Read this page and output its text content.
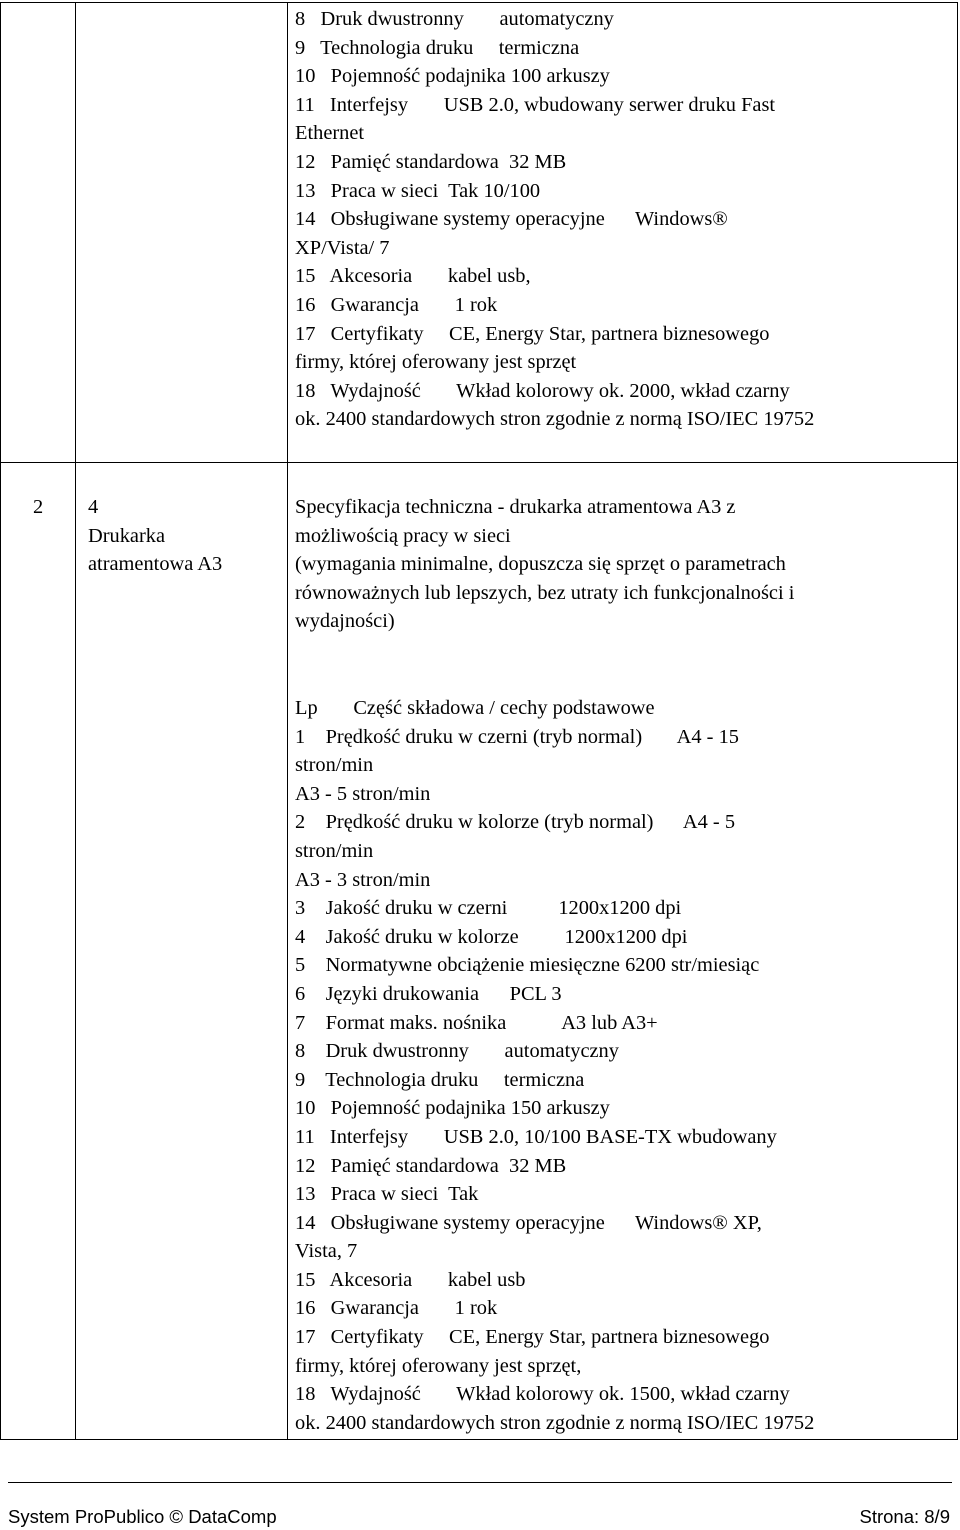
8   Druk dwustronny       automatyczny
9   Technologia druku     termiczna
10   Pojemność podajnika 100 arkuszy
11   Interfejsy       USB 2.0, wbudowany serwer druku Fast
Ethernet
12   Pamięć standardowa  32 MB
13   Praca w sieci  Tak 10/100
14   Obsługiwane systemy operacyjne      Windows®
XP/Vista/ 7
15   Akcesoria       kabel usb,
16   Gwarancja       1 rok
17   Certyfikaty     CE, Energy Star, partnera biznesowego
firmy, której oferowany jest sprzęt
18   Wydajność       Wkład kolorowy ok. 2000, wkład czarny
ok. 2400 standardowych stron zgodnie z normą ISO/IEC 19752
2 4
Drukarka
atramentowa A3
Specyfikacja techniczna - drukarka atramentowa A3 z
możliwością pracy w sieci
(wymagania minimalne, dopuszcza się sprzęt o parametrach
równoważnych lub lepszych, bez utraty ich funkcjonalności i
wydajności)
Lp       Część składowa / cechy podstawowe
1    Prędkość druku w czerni (tryb normal)       A4 - 15
stron/min
A3 - 5 stron/min
2    Prędkość druku w kolorze (tryb normal)      A4 - 5
stron/min
A3 - 3 stron/min
3    Jakość druku w czerni          1200x1200 dpi
4    Jakość druku w kolorze         1200x1200 dpi
5    Normatywne obciążenie miesięczne 6200 str/miesiąc
6    Języki drukowania      PCL 3
7    Format maks. nośnika           A3 lub A3+
8    Druk dwustronny       automatyczny
9    Technologia druku     termiczna
10   Pojemność podajnika 150 arkuszy
11   Interfejsy       USB 2.0, 10/100 BASE-TX wbudowany
12   Pamięć standardowa  32 MB
13   Praca w sieci  Tak
14   Obsługiwane systemy operacyjne      Windows® XP,
Vista, 7
15   Akcesoria       kabel usb
16   Gwarancja       1 rok
17   Certyfikaty     CE, Energy Star, partnera biznesowego
firmy, której oferowany jest sprzęt,
18   Wydajność       Wkład kolorowy ok. 1500, wkład czarny
ok. 2400 standardowych stron zgodnie z normą ISO/IEC 19752
System ProPublico © DataComp	Strona: 8/9
